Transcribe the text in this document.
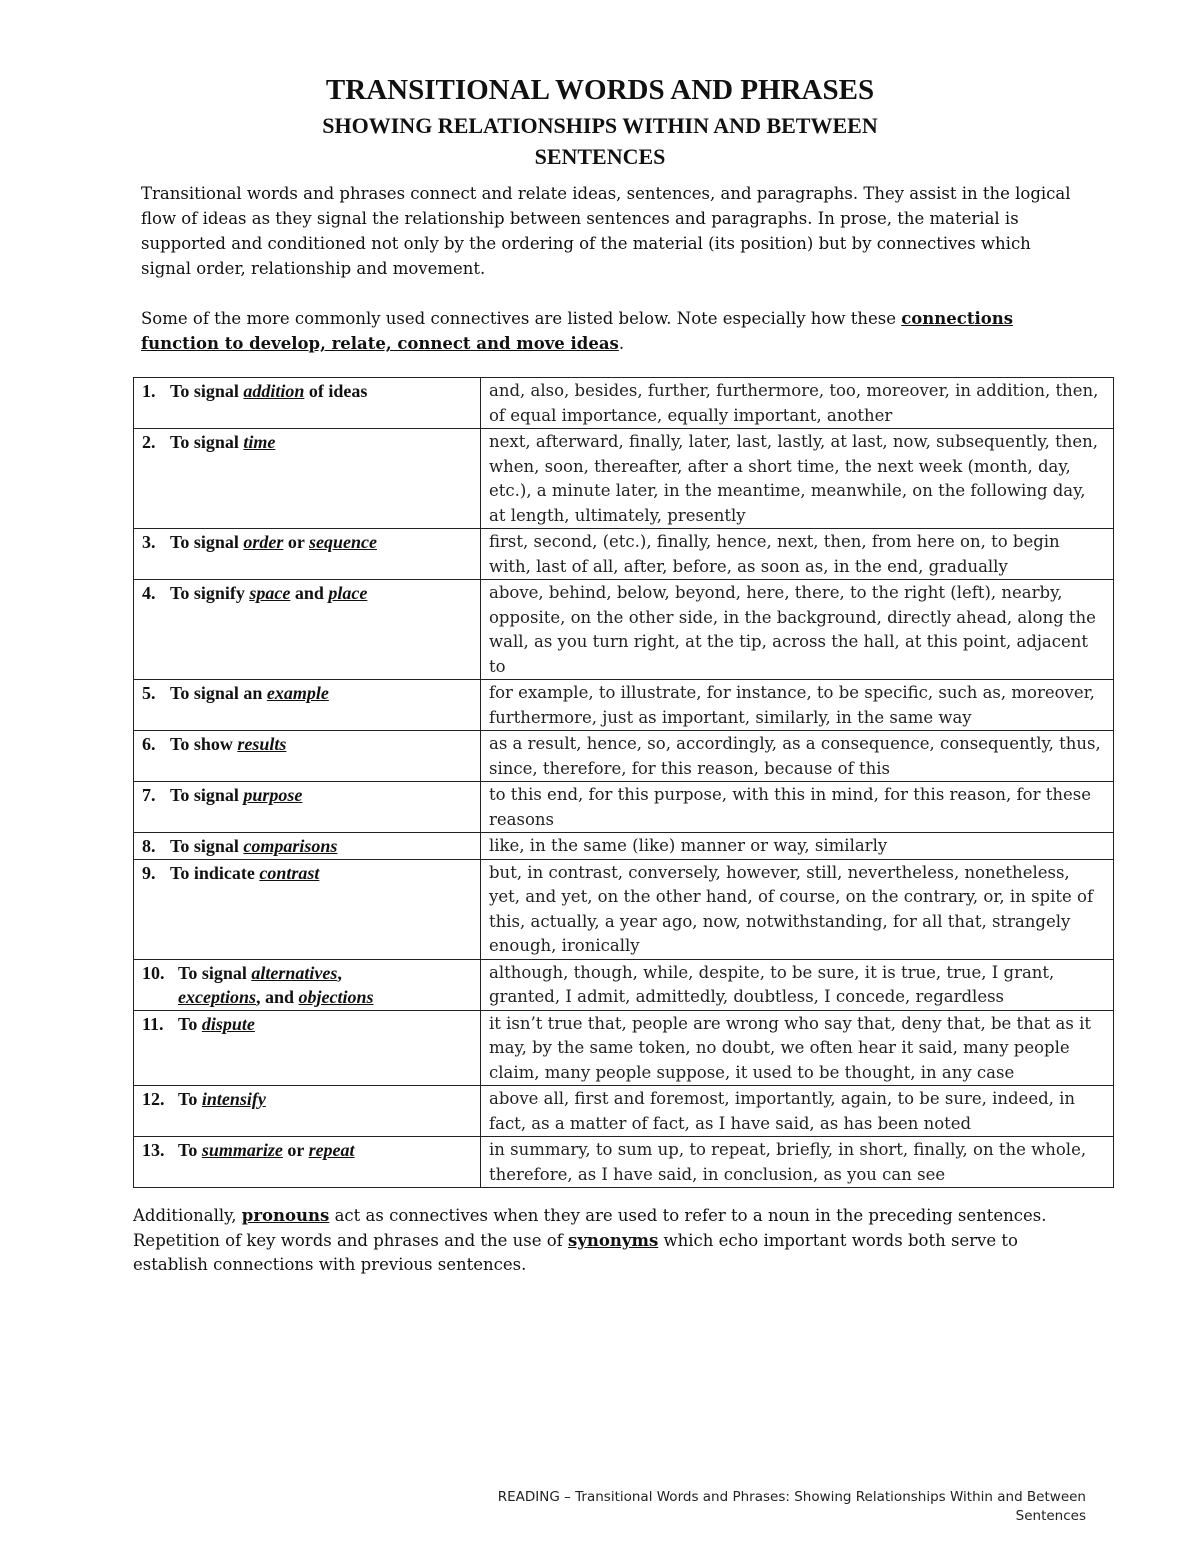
TRANSITIONAL WORDS AND PHRASES
SHOWING RELATIONSHIPS WITHIN AND BETWEEN
SENTENCES

Transitional words and phrases connect and relate ideas, sentences, and paragraphs. They assist in the logical flow of ideas as they signal the relationship between sentences and paragraphs. In prose, the material is supported and conditioned not only by the ordering of the material (its position) but by connectives which signal order, relationship and movement.

Some of the more commonly used connectives are listed below. Note especially how these connections function to develop, relate, connect and move ideas.

1. To signal addition of ideas	and, also, besides, further, furthermore, too, moreover, in addition, then, of equal importance, equally important, another
2. To signal time	next, afterward, finally, later, last, lastly, at last, now, subsequently, then, when, soon, thereafter, after a short time, the next week (month, day, etc.), a minute later, in the meantime, meanwhile, on the following day, at length, ultimately, presently
3. To signal order or sequence	first, second, (etc.), finally, hence, next, then, from here on, to begin with, last of all, after, before, as soon as, in the end, gradually
4. To signify space and place	above, behind, below, beyond, here, there, to the right (left), nearby, opposite, on the other side, in the background, directly ahead, along the wall, as you turn right, at the tip, across the hall, at this point, adjacent to
5. To signal an example	for example, to illustrate, for instance, to be specific, such as, moreover, furthermore, just as important, similarly, in the same way
6. To show results	as a result, hence, so, accordingly, as a consequence, consequently, thus, since, therefore, for this reason, because of this
7. To signal purpose	to this end, for this purpose, with this in mind, for this reason, for these reasons
8. To signal comparisons	like, in the same (like) manner or way, similarly
9. To indicate contrast	but, in contrast, conversely, however, still, nevertheless, nonetheless, yet, and yet, on the other hand, of course, on the contrary, or, in spite of this, actually, a year ago, now, notwithstanding, for all that, strangely enough, ironically
10. To signal alternatives,
exceptions, and objections	although, though, while, despite, to be sure, it is true, true, I grant, granted, I admit, admittedly, doubtless, I concede, regardless
11. To dispute	it isn’t true that, people are wrong who say that, deny that, be that as it may, by the same token, no doubt, we often hear it said, many people claim, many people suppose, it used to be thought, in any case
12. To intensify	above all, first and foremost, importantly, again, to be sure, indeed, in fact, as a matter of fact, as I have said, as has been noted
13. To summarize or repeat	in summary, to sum up, to repeat, briefly, in short, finally, on the whole, therefore, as I have said, in conclusion, as you can see

Additionally, pronouns act as connectives when they are used to refer to a noun in the preceding sentences. Repetition of key words and phrases and the use of synonyms which echo important words both serve to establish connections with previous sentences.

READING – Transitional Words and Phrases: Showing Relationships Within and Between
Sentences
